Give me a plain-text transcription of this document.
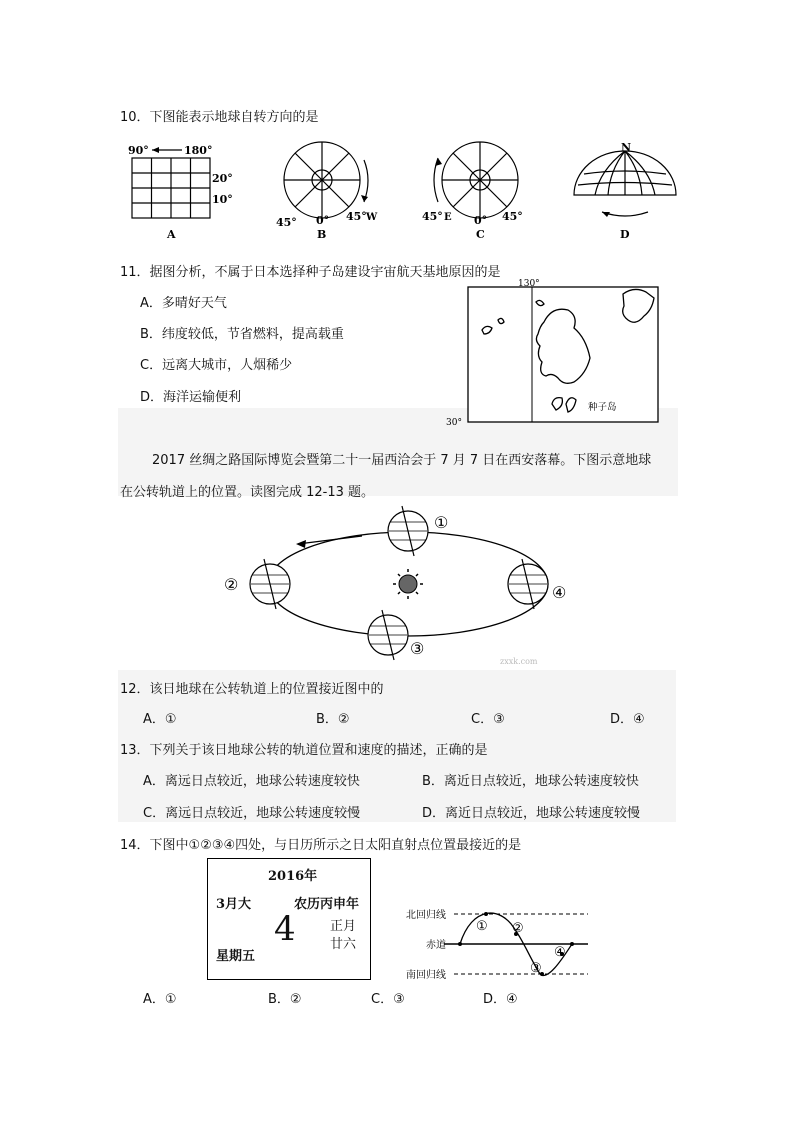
10．下图能表示地球自转方向的是
90°	180°
20°
10°
A
45° 0° 45° W
B
45° E 0° 45°
C
N
D
11．据图分析，不属于日本选择种子岛建设宇宙航天基地原因的是
A．多晴好天气
B．纬度较低，节省燃料，提高载重
C．远离大城市，人烟稀少
D．海洋运输便利
130°
30°
种子岛
2017 丝绸之路国际博览会暨第二十一届西洽会于 7 月 7 日在西安落幕。下图示意地球
在公转轨道上的位置。读图完成 12-13 题。
①
②
③
④
zxxk.com
12．该日地球在公转轨道上的位置接近图中的
A．①	B．②	C．③	D．④
13．下列关于该日地球公转的轨道位置和速度的描述，正确的是
A．离远日点较近，地球公转速度较快	B．离近日点较近，地球公转速度较快
C．离远日点较近，地球公转速度较慢	D．离近日点较近，地球公转速度较慢
14．下图中①②③④四处，与日历所示之日太阳直射点位置最接近的是
2016年
3月大	农历丙申年
4	正月
廿六
星期五
北回归线
赤道
南回归线
① ②
③
④
A．①	B．②	C．③	D．④
